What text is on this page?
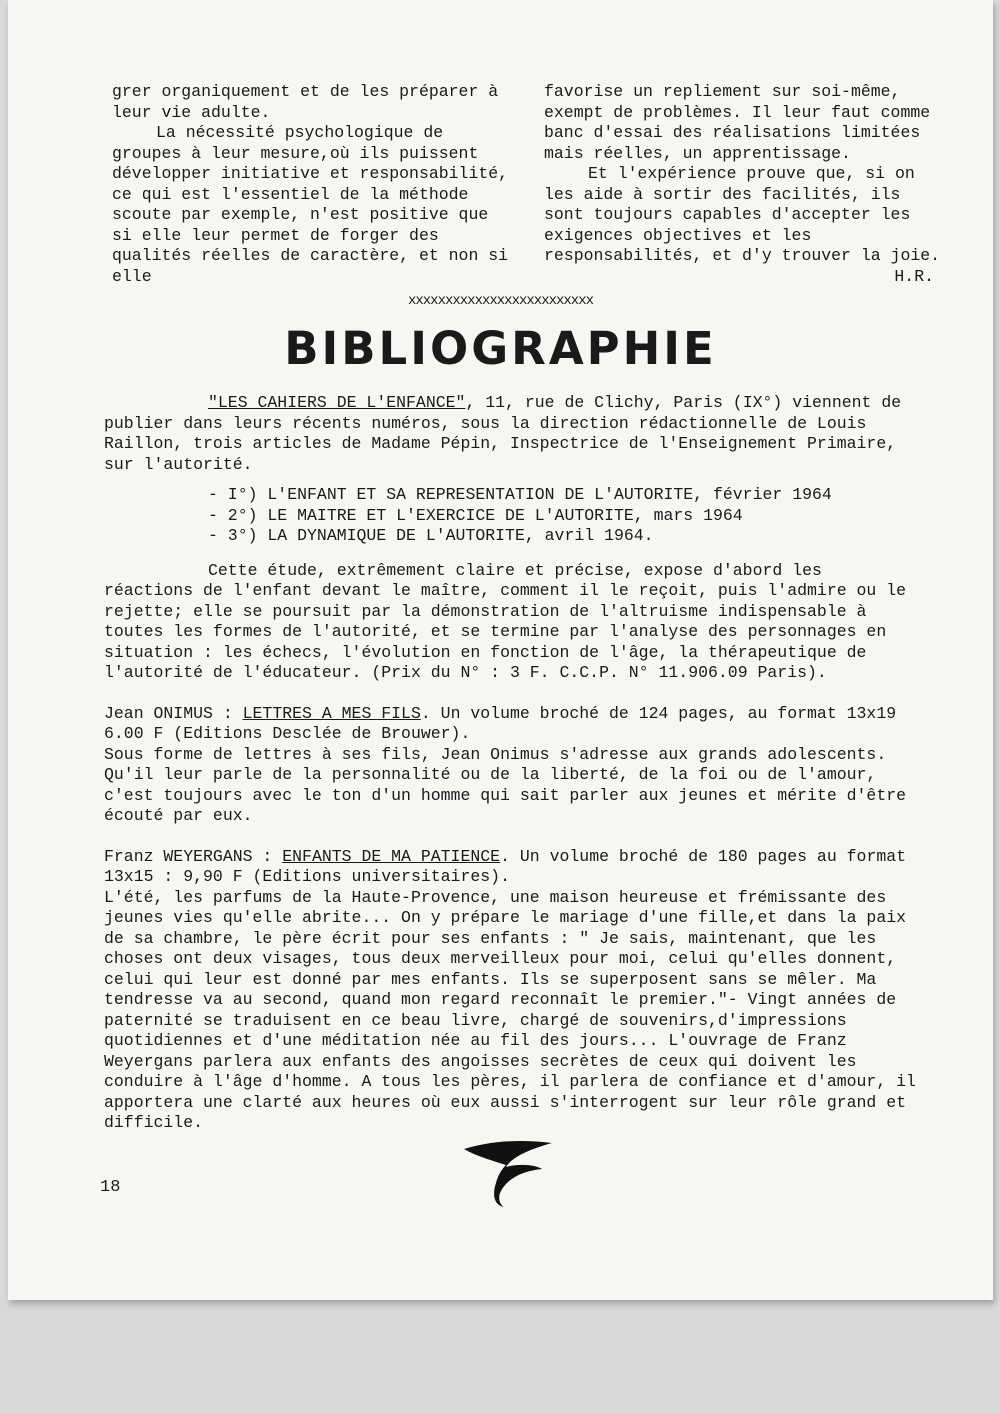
grer organiquement et de les préparer à leur vie adulte.

La nécessité psychologique de groupes à leur mesure,où ils puissent développer initiative et responsabilité, ce qui est l'essentiel de la méthode scoute par exemple, n'est positive que si elle leur permet de forger des qualités réelles de caractère, et non si elle

favorise un repliement sur soi-même, exempt de problèmes. Il leur faut comme banc d'essai des réalisations limitées mais réelles, un apprentissage.

Et l'expérience prouve que, si on les aide à sortir des facilités, ils sont toujours capables d'accepter les exigences objectives et les responsabilités, et d'y trouver la joie.

H.R.

xxxxxxxxxxxxxxxxxxxxxxxxx
BIBLIOGRAPHIE

"LES CAHIERS DE L'ENFANCE", 11, rue de Clichy, Paris (IX°) viennent de publier dans leurs récents numéros, sous la direction rédactionnelle de Louis Raillon, trois articles de Madame Pépin, Inspectrice de l'Enseignement Primaire, sur l'autorité.

- I°) L'ENFANT ET SA REPRESENTATION DE L'AUTORITE, février 1964
- 2°) LE MAITRE ET L'EXERCICE DE L'AUTORITE, mars 1964
- 3°) LA DYNAMIQUE DE L'AUTORITE, avril 1964.

Cette étude, extrêmement claire et précise, expose d'abord les réactions de l'enfant devant le maître, comment il le reçoit, puis l'admire ou le rejette; elle se poursuit par la démonstration de l'altruisme indispensable à toutes les formes de l'autorité, et se termine par l'analyse des personnages en situation : les échecs, l'évolution en fonction de l'âge, la thérapeutique de l'autorité de l'éducateur. (Prix du N° : 3 F. C.C.P. N° 11.906.09 Paris).

Jean ONIMUS : LETTRES A MES FILS. Un volume broché de 124 pages, au format 13x19 6.00 F (Editions Desclée de Brouwer).

Sous forme de lettres à ses fils, Jean Onimus s'adresse aux grands adolescents. Qu'il leur parle de la personnalité ou de la liberté, de la foi ou de l'amour, c'est toujours avec le ton d'un homme qui sait parler aux jeunes et mérite d'être écouté par eux.

Franz WEYERGANS : ENFANTS DE MA PATIENCE. Un volume broché de 180 pages au format 13x15 : 9,90 F (Editions universitaires).

L'été, les parfums de la Haute-Provence, une maison heureuse et frémissante des jeunes vies qu'elle abrite... On y prépare le mariage d'une fille,et dans la paix de sa chambre, le père écrit pour ses enfants : " Je sais, maintenant, que les choses ont deux visages, tous deux merveilleux pour moi, celui qu'elles donnent, celui qui leur est donné par mes enfants. Ils se superposent sans se mêler. Ma tendresse va au second, quand mon regard reconnaît le premier."- Vingt années de paternité se traduisent en ce beau livre, chargé de souvenirs,d'impressions quotidiennes et d'une méditation née au fil des jours... L'ouvrage de Franz Weyergans parlera aux enfants des angoisses secrètes de ceux qui doivent les conduire à l'âge d'homme. A tous les pères, il parlera de confiance et d'amour, il apportera une clarté aux heures où eux aussi s'interrogent sur leur rôle grand et difficile.

18
